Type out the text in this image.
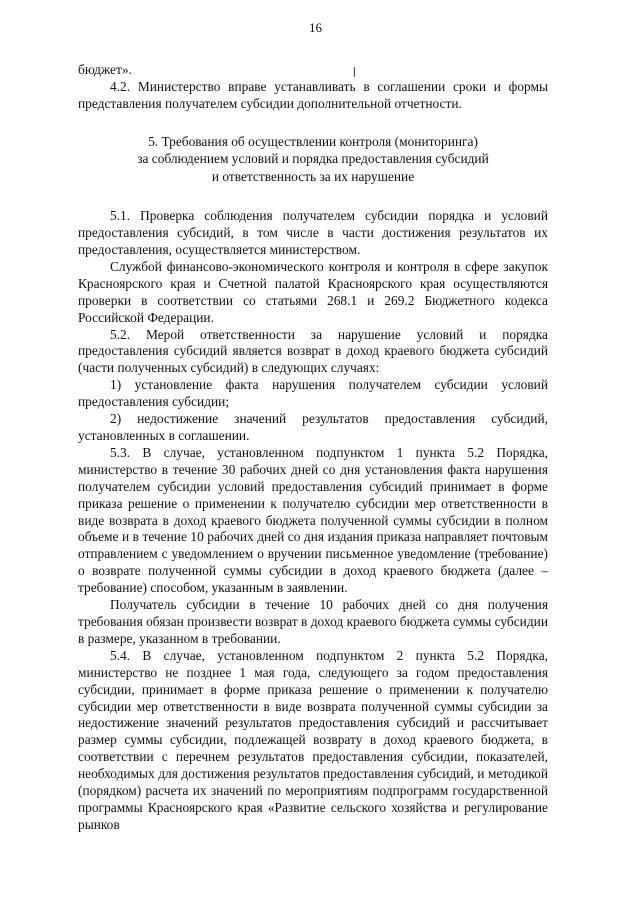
16

бюджет».

4.2. Министерство вправе устанавливать в соглашении сроки и формы представления получателем субсидии дополнительной отчетности.

5. Требования об осуществлении контроля (мониторинга)
за соблюдением условий и порядка предоставления субсидий
и ответственность за их нарушение

5.1. Проверка соблюдения получателем субсидии порядка и условий предоставления субсидий, в том числе в части достижения результатов их предоставления, осуществляется министерством.

Службой финансово-экономического контроля и контроля в сфере закупок Красноярского края и Счетной палатой Красноярского края осуществляются проверки в соответствии со статьями 268.1 и 269.2 Бюджетного кодекса Российской Федерации.

5.2. Мерой ответственности за нарушение условий и порядка предоставления субсидий является возврат в доход краевого бюджета субсидий (части полученных субсидий) в следующих случаях:

1) установление факта нарушения получателем субсидии условий предоставления субсидии;

2) недостижение значений результатов предоставления субсидий, установленных в соглашении.

5.3. В случае, установленном подпунктом 1 пункта 5.2 Порядка, министерство в течение 30 рабочих дней со дня установления факта нарушения получателем субсидии условий предоставления субсидий принимает в форме приказа решение о применении к получателю субсидии мер ответственности в виде возврата в доход краевого бюджета полученной суммы субсидии в полном объеме и в течение 10 рабочих дней со дня издания приказа направляет почтовым отправлением с уведомлением о вручении письменное уведомление (требование) о возврате полученной суммы субсидии в доход краевого бюджета (далее – требование) способом, указанным в заявлении.

Получатель субсидии в течение 10 рабочих дней со дня получения требования обязан произвести возврат в доход краевого бюджета суммы субсидии в размере, указанном в требовании.

5.4. В случае, установленном подпунктом 2 пункта 5.2 Порядка, министерство не позднее 1 мая года, следующего за годом предоставления субсидии, принимает в форме приказа решение о применении к получателю субсидии мер ответственности в виде возврата полученной суммы субсидии за недостижение значений результатов предоставления субсидий и рассчитывает размер суммы субсидии, подлежащей возврату в доход краевого бюджета, в соответствии с перечнем результатов предоставления субсидии, показателей, необходимых для достижения результатов предоставления субсидий, и методикой (порядком) расчета их значений по мероприятиям подпрограмм государственной программы Красноярского края «Развитие сельского хозяйства и регулирование рынков
